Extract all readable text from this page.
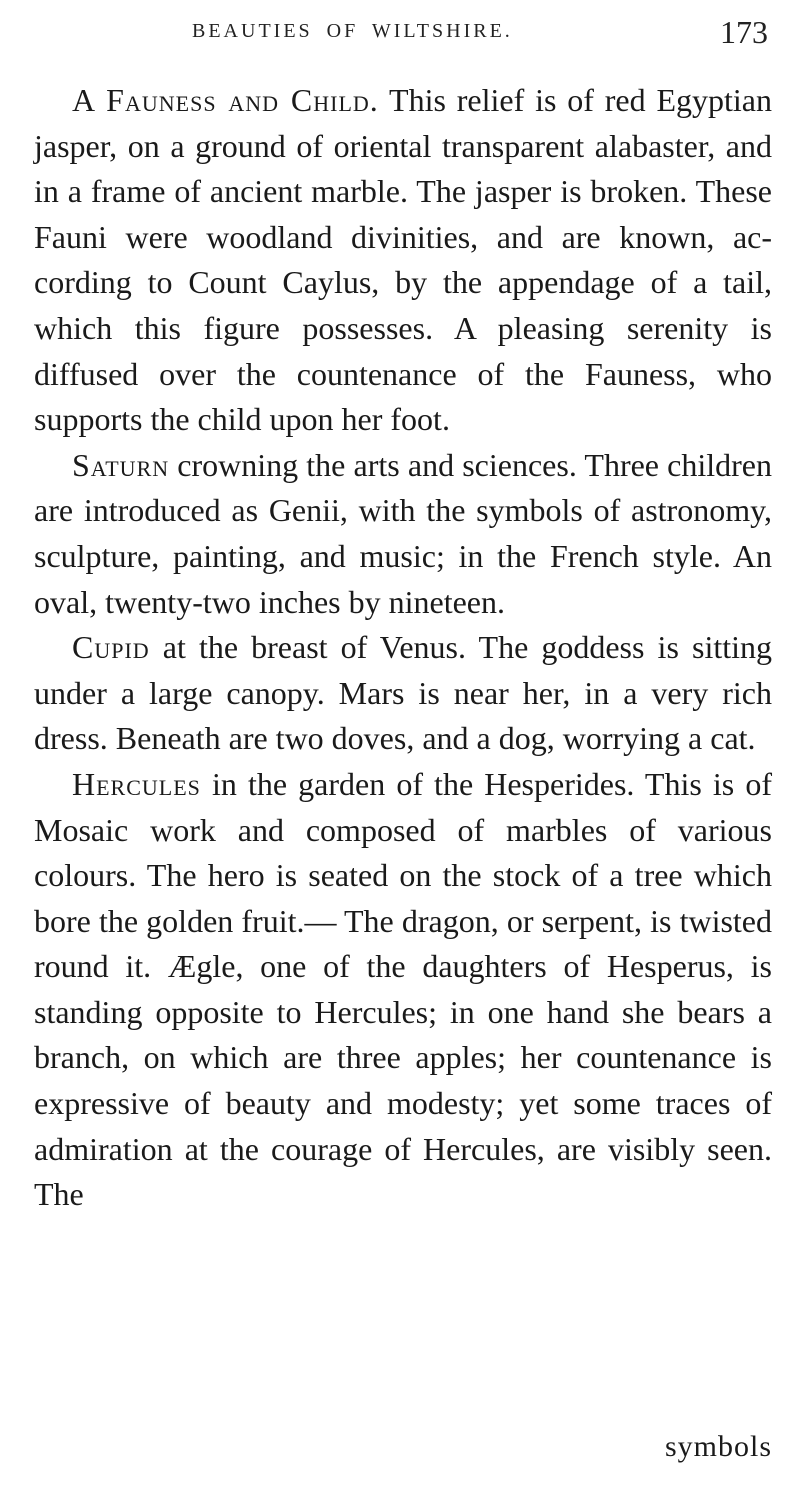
BEAUTIES OF WILTSHIRE.	173

A Fauness and Child. This relief is of red Egyptian jasper, on a ground of oriental transparent alabaster, and in a frame of ancient marble. The jasper is broken. These Fauni were woodland divinities, and are known, according to Count Caylus, by the appendage of a tail, which this figure possesses. A pleasing serenity is diffused over the countenance of the Fauness, who supports the child upon her foot.

Saturn crowning the arts and sciences. Three children are introduced as Genii, with the symbols of astronomy, sculpture, painting, and music; in the French style. An oval, twenty-two inches by nineteen.

Cupid at the breast of Venus. The goddess is sitting under a large canopy. Mars is near her, in a very rich dress. Beneath are two doves, and a dog, worrying a cat.

Hercules in the garden of the Hesperides. This is of Mosaic work and composed of marbles of various colours. The hero is seated on the stock of a tree which bore the golden fruit.— The dragon, or serpent, is twisted round it. Ægle, one of the daughters of Hesperus, is standing opposite to Hercules; in one hand she bears a branch, on which are three apples; her countenance is expressive of beauty and modesty; yet some traces of admiration at the courage of Hercules, are visibly seen. The

symbols
